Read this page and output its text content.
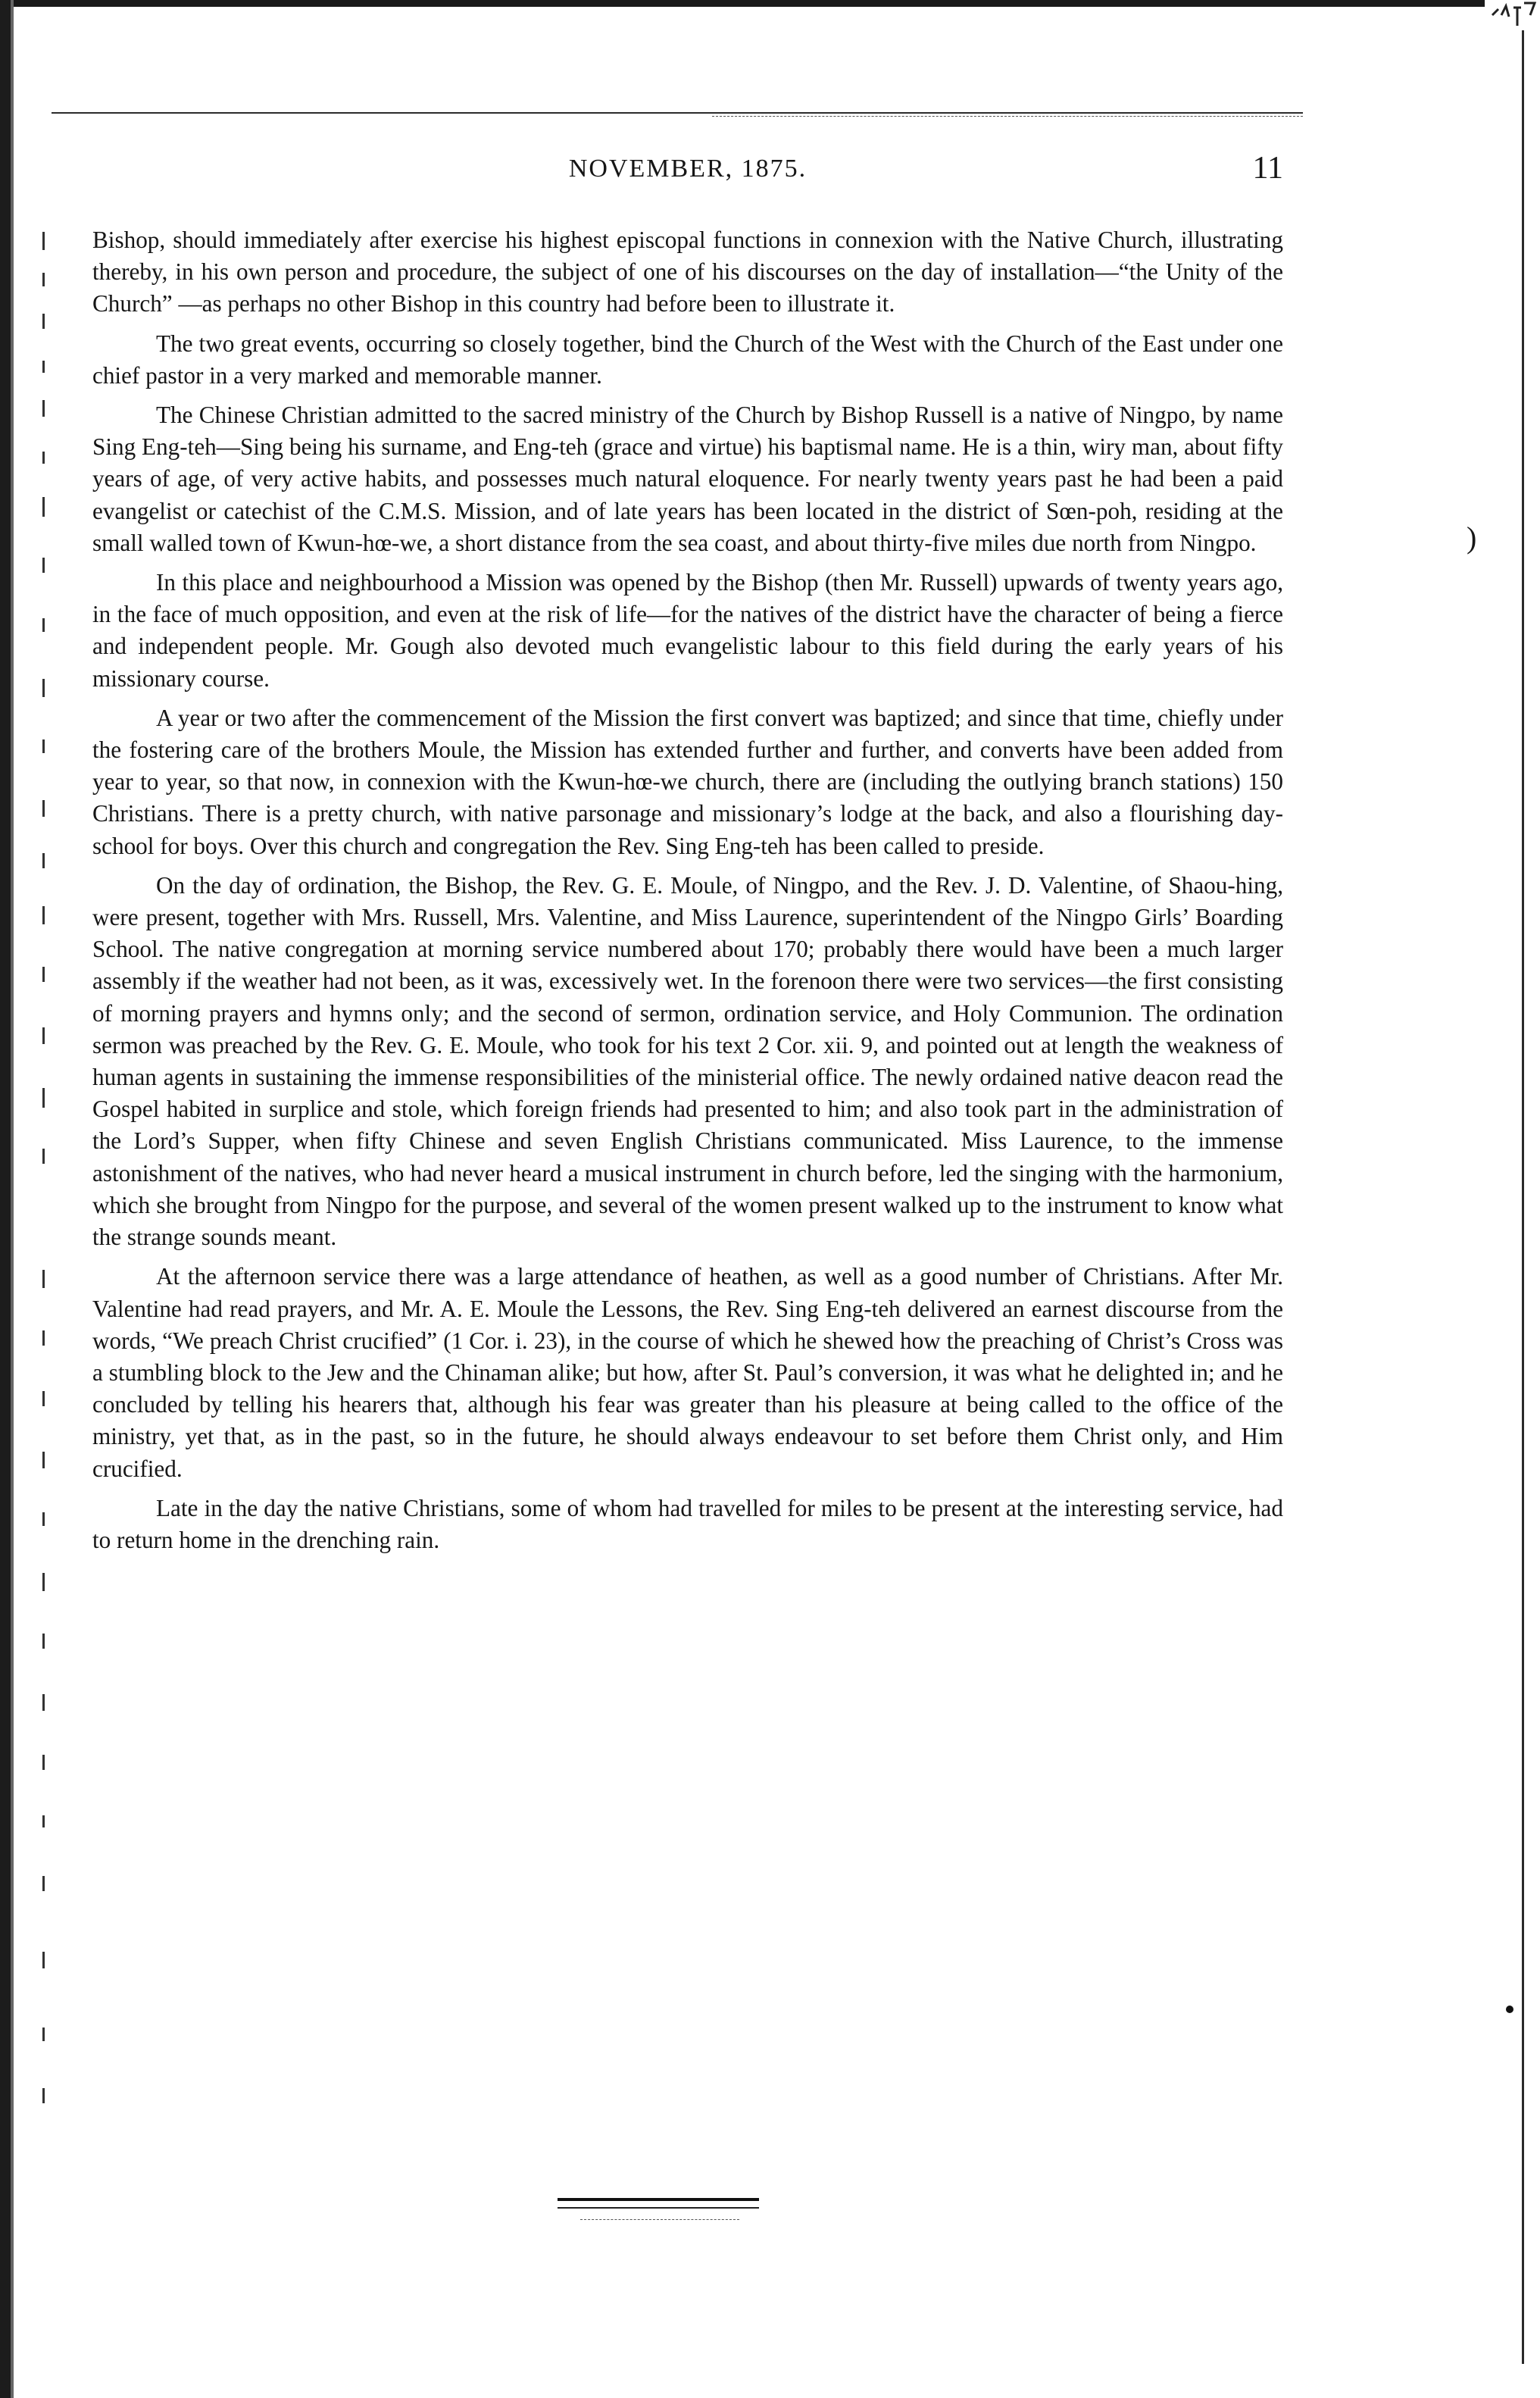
NOVEMBER, 1875.	11
)

Bishop, should immediately after exercise his highest episcopal functions in connexion with the Native Church, illustrating thereby, in his own person and procedure, the subject of one of his discourses on the day of installation—“the Unity of the Church” —as perhaps no other Bishop in this country had before been to illustrate it.

The two great events, occurring so closely together, bind the Church of the West with the Church of the East under one chief pastor in a very marked and memorable manner.

The Chinese Christian admitted to the sacred ministry of the Church by Bishop Russell is a native of Ningpo, by name Sing Eng-teh—Sing being his surname, and Eng-teh (grace and virtue) his baptismal name. He is a thin, wiry man, about fifty years of age, of very active habits, and possesses much natural eloquence. For nearly twenty years past he had been a paid evangelist or catechist of the C.M.S. Mission, and of late years has been located in the district of Sœn-poh, residing at the small walled town of Kwun-hœ-we, a short distance from the sea coast, and about thirty-five miles due north from Ningpo.

In this place and neighbourhood a Mission was opened by the Bishop (then Mr. Russell) upwards of twenty years ago, in the face of much opposition, and even at the risk of life—for the natives of the district have the character of being a fierce and independent people. Mr. Gough also devoted much evangelistic labour to this field during the early years of his missionary course.

A year or two after the commencement of the Mission the first convert was baptized; and since that time, chiefly under the fostering care of the brothers Moule, the Mission has extended further and further, and converts have been added from year to year, so that now, in connexion with the Kwun-hœ-we church, there are (including the outlying branch stations) 150 Christians. There is a pretty church, with native parsonage and missionary’s lodge at the back, and also a flourishing day-school for boys. Over this church and congregation the Rev. Sing Eng-teh has been called to preside.

On the day of ordination, the Bishop, the Rev. G. E. Moule, of Ningpo, and the Rev. J. D. Valentine, of Shaou-hing, were present, together with Mrs. Russell, Mrs. Valentine, and Miss Laurence, superintendent of the Ningpo Girls’ Boarding School. The native congregation at morning service numbered about 170; probably there would have been a much larger assembly if the weather had not been, as it was, excessively wet. In the forenoon there were two services—the first consisting of morning prayers and hymns only; and the second of sermon, ordination service, and Holy Communion. The ordination sermon was preached by the Rev. G. E. Moule, who took for his text 2 Cor. xii. 9, and pointed out at length the weakness of human agents in sustaining the immense responsibilities of the ministerial office. The newly ordained native deacon read the Gospel habited in surplice and stole, which foreign friends had presented to him; and also took part in the administration of the Lord’s Supper, when fifty Chinese and seven English Christians communicated. Miss Laurence, to the immense astonishment of the natives, who had never heard a musical instrument in church before, led the singing with the harmonium, which she brought from Ningpo for the purpose, and several of the women present walked up to the instrument to know what the strange sounds meant.

At the afternoon service there was a large attendance of heathen, as well as a good number of Christians. After Mr. Valentine had read prayers, and Mr. A. E. Moule the Lessons, the Rev. Sing Eng-teh delivered an earnest discourse from the words, “We preach Christ crucified” (1 Cor. i. 23), in the course of which he shewed how the preaching of Christ’s Cross was a stumbling block to the Jew and the Chinaman alike; but how, after St. Paul’s conversion, it was what he delighted in; and he concluded by telling his hearers that, although his fear was greater than his pleasure at being called to the office of the ministry, yet that, as in the past, so in the future, he should always endeavour to set before them Christ only, and Him crucified.

Late in the day the native Christians, some of whom had travelled for miles to be present at the interesting service, had to return home in the drenching rain.
